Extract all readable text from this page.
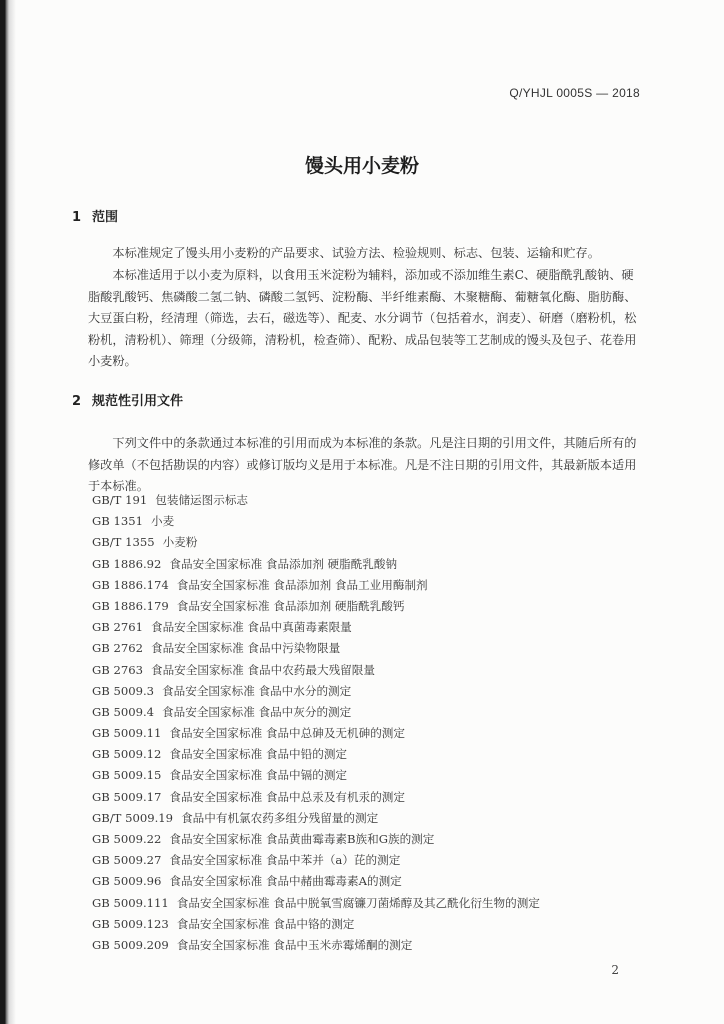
Q/YHJL 0005S — 2018
馒头用小麦粉
1 范围

本标准规定了馒头用小麦粉的产品要求、试验方法、检验规则、标志、包装、运输和贮存。

本标准适用于以小麦为原料，以食用玉米淀粉为辅料，添加或不添加维生素C、硬脂酰乳酸钠、硬脂酸乳酸钙、焦磷酸二氢二钠、磷酸二氢钙、淀粉酶、半纤维素酶、木聚糖酶、葡糖氧化酶、脂肪酶、大豆蛋白粉，经清理（筛选，去石，磁选等）、配麦、水分调节（包括着水，润麦）、研磨（磨粉机，松粉机，清粉机）、筛理（分级筛，清粉机，检查筛）、配粉、成品包装等工艺制成的馒头及包子、花卷用小麦粉。

2 规范性引用文件

下列文件中的条款通过本标准的引用而成为本标准的条款。凡是注日期的引用文件，其随后所有的修改单（不包括勘误的内容）或修订版均义是用于本标准。凡是不注日期的引用文件，其最新版本适用于本标准。

GB/T 191 包装储运图示标志
GB 1351 小麦
GB/T 1355 小麦粉
GB 1886.92 食品安全国家标准 食品添加剂 硬脂酰乳酸钠
GB 1886.174 食品安全国家标准 食品添加剂 食品工业用酶制剂
GB 1886.179 食品安全国家标准 食品添加剂 硬脂酰乳酸钙
GB 2761 食品安全国家标准 食品中真菌毒素限量
GB 2762 食品安全国家标准 食品中污染物限量
GB 2763 食品安全国家标准 食品中农药最大残留限量
GB 5009.3 食品安全国家标准 食品中水分的测定
GB 5009.4 食品安全国家标准 食品中灰分的测定
GB 5009.11 食品安全国家标准 食品中总砷及无机砷的测定
GB 5009.12 食品安全国家标准 食品中铅的测定
GB 5009.15 食品安全国家标准 食品中镉的测定
GB 5009.17 食品安全国家标准 食品中总汞及有机汞的测定
GB/T 5009.19 食品中有机氯农药多组分残留量的测定
GB 5009.22 食品安全国家标准 食品黄曲霉毒素B族和G族的测定
GB 5009.27 食品安全国家标准 食品中苯并（a）芘的测定
GB 5009.96 食品安全国家标准 食品中赭曲霉毒素A的测定
GB 5009.111 食品安全国家标准 食品中脱氧雪腐镰刀菌烯醇及其乙酰化衍生物的测定
GB 5009.123 食品安全国家标准 食品中铬的测定
GB 5009.209 食品安全国家标准 食品中玉米赤霉烯酮的测定
2
